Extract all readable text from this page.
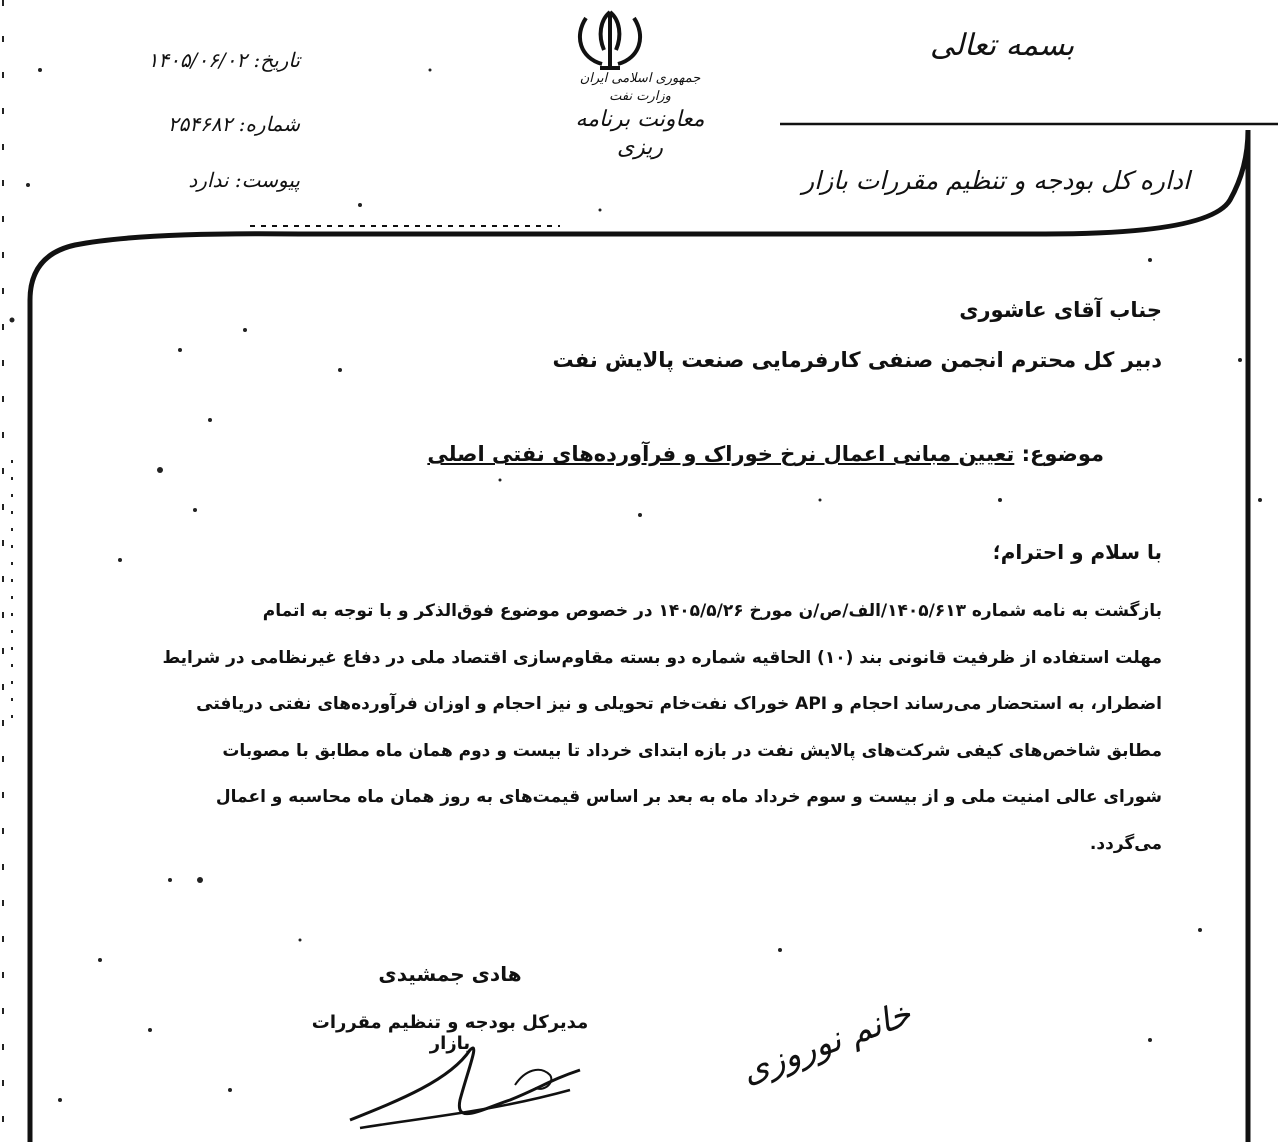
جمهوری اسلامی ایران
وزارت نفت
معاونت برنامه ریزی
بسمه تعالی
اداره کل بودجه و تنظیم مقررات بازار
تاریخ: ۱۴۰۵/۰۶/۰۲
شماره: ۲۵۴۶۸۲
پیوست: ندارد
جناب آقای عاشوری
دبیر کل محترم انجمن صنفی کارفرمایی صنعت پالایش نفت
موضوع: تعیین مبانی اعمال نرخ خوراک و فرآورده‌های نفتی اصلی
با سلام و احترام؛
بازگشت به نامه شماره ۱۴۰۵/۶۱۳/الف/ص/ن مورخ ۱۴۰۵/۵/۲۶ در خصوص موضوع فوق‌الذکر و با توجه به اتمام
مهلت استفاده از ظرفیت قانونی بند (۱۰) الحاقیه شماره دو بسته مقاوم‌سازی اقتصاد ملی در دفاع غیرنظامی در شرایط
اضطرار، به استحضار می‌رساند احجام و API خوراک نفت‌خام تحویلی و نیز احجام و اوزان فرآورده‌های نفتی دریافتی
مطابق شاخص‌های کیفی شرکت‌های پالایش نفت در بازه ابتدای خرداد تا بیست و دوم همان ماه مطابق با مصوبات
شورای عالی امنیت ملی و از بیست و سوم خرداد ماه به بعد بر اساس قیمت‌های به روز همان ماه محاسبه و اعمال
می‌گردد.
هادی جمشیدی
مدیرکل بودجه و تنظیم مقررات بازار	خانم نوروزی
